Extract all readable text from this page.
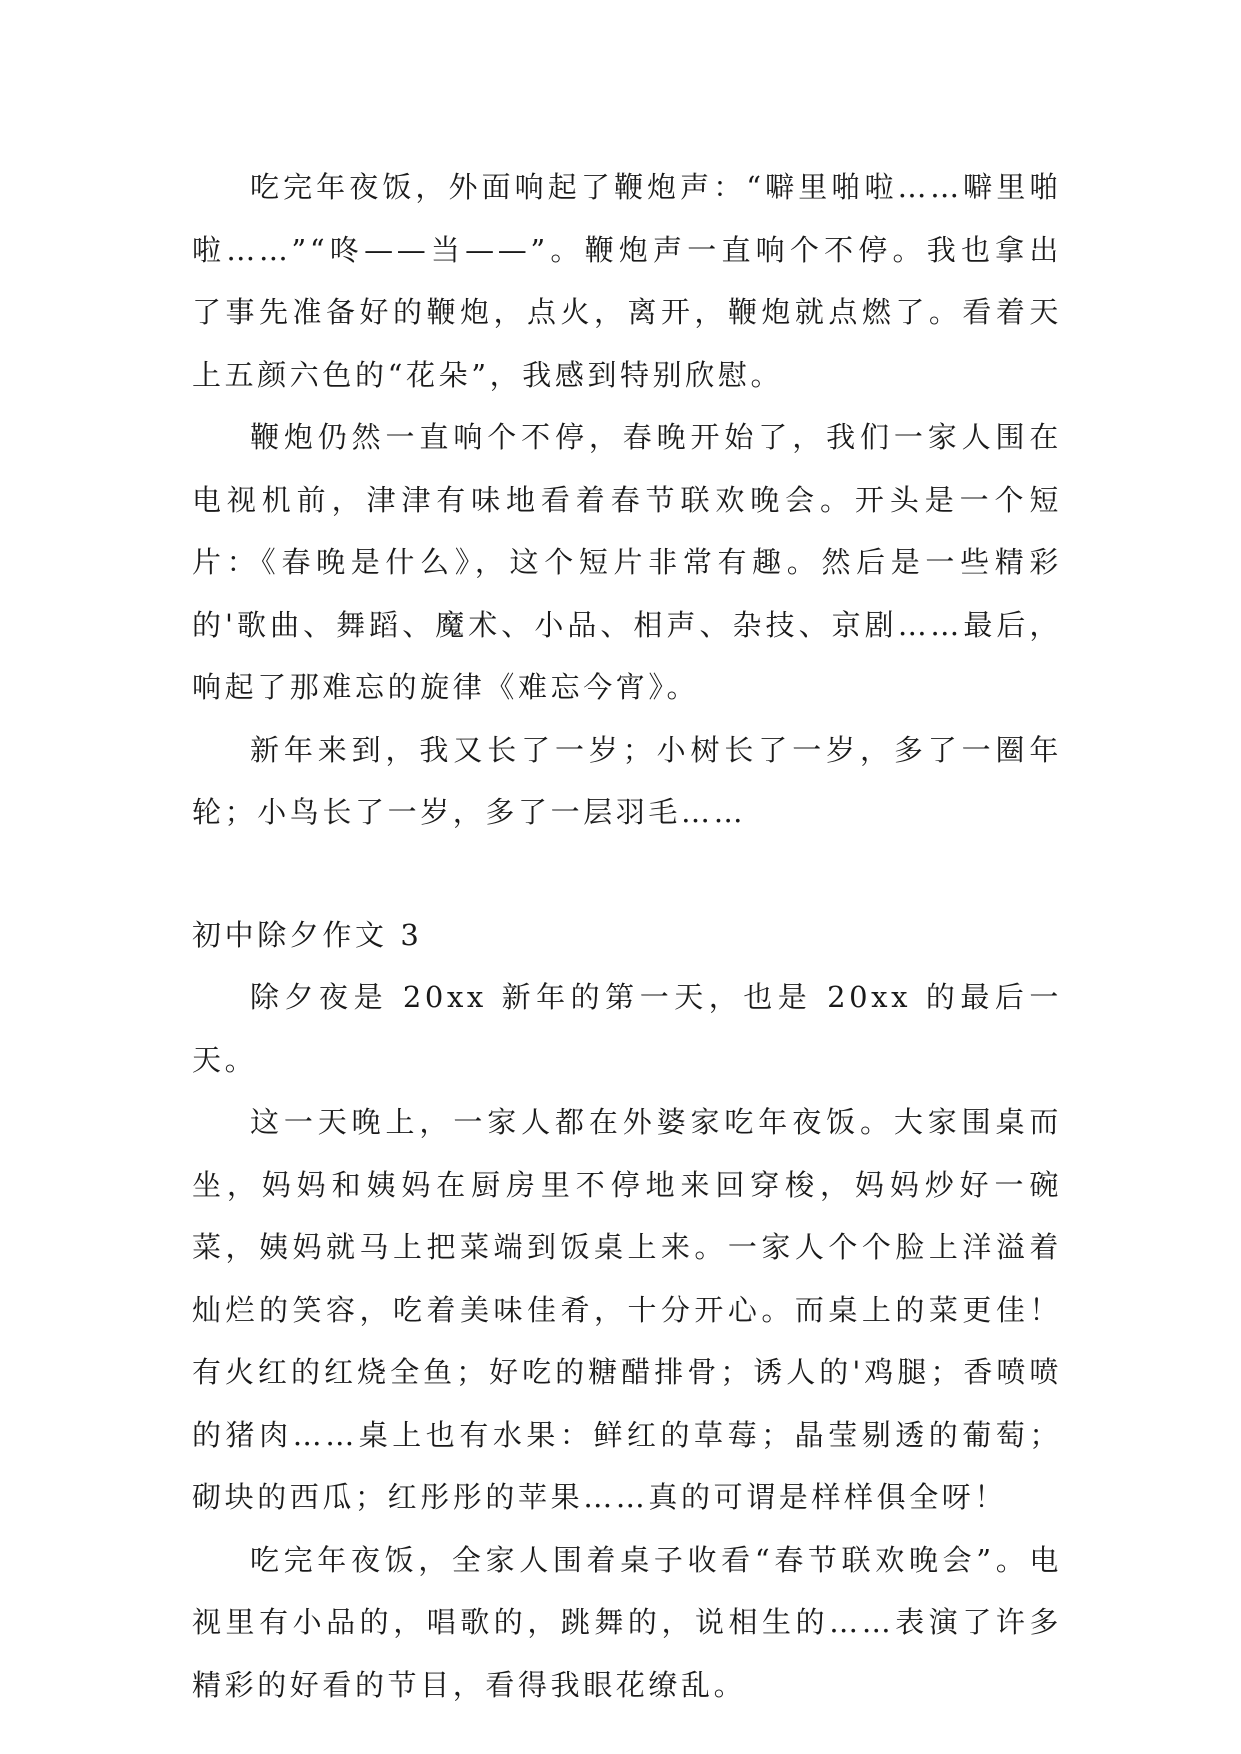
吃完年夜饭，外面响起了鞭炮声：“噼里啪啦……噼里啪啦……”“咚——当——”。鞭炮声一直响个不停。我也拿出了事先准备好的鞭炮，点火，离开，鞭炮就点燃了。看着天上五颜六色的“花朵”，我感到特别欣慰。

鞭炮仍然一直响个不停，春晚开始了，我们一家人围在电视机前，津津有味地看着春节联欢晚会。开头是一个短片：《春晚是什么》，这个短片非常有趣。然后是一些精彩的'歌曲、舞蹈、魔术、小品、相声、杂技、京剧……最后，响起了那难忘的旋律《难忘今宵》。

新年来到，我又长了一岁；小树长了一岁，多了一圈年轮；小鸟长了一岁，多了一层羽毛……

初中除夕作文 3

除夕夜是 20xx 新年的第一天，也是 20xx 的最后一天。

这一天晚上，一家人都在外婆家吃年夜饭。大家围桌而坐，妈妈和姨妈在厨房里不停地来回穿梭，妈妈炒好一碗菜，姨妈就马上把菜端到饭桌上来。一家人个个脸上洋溢着灿烂的笑容，吃着美味佳肴，十分开心。而桌上的菜更佳！有火红的红烧全鱼；好吃的糖醋排骨；诱人的'鸡腿；香喷喷的猪肉……桌上也有水果：鲜红的草莓；晶莹剔透的葡萄；砌块的西瓜；红彤彤的苹果……真的可谓是样样俱全呀！

吃完年夜饭，全家人围着桌子收看“春节联欢晚会”。电视里有小品的，唱歌的，跳舞的，说相生的……表演了许多精彩的好看的节目，看得我眼花缭乱。
